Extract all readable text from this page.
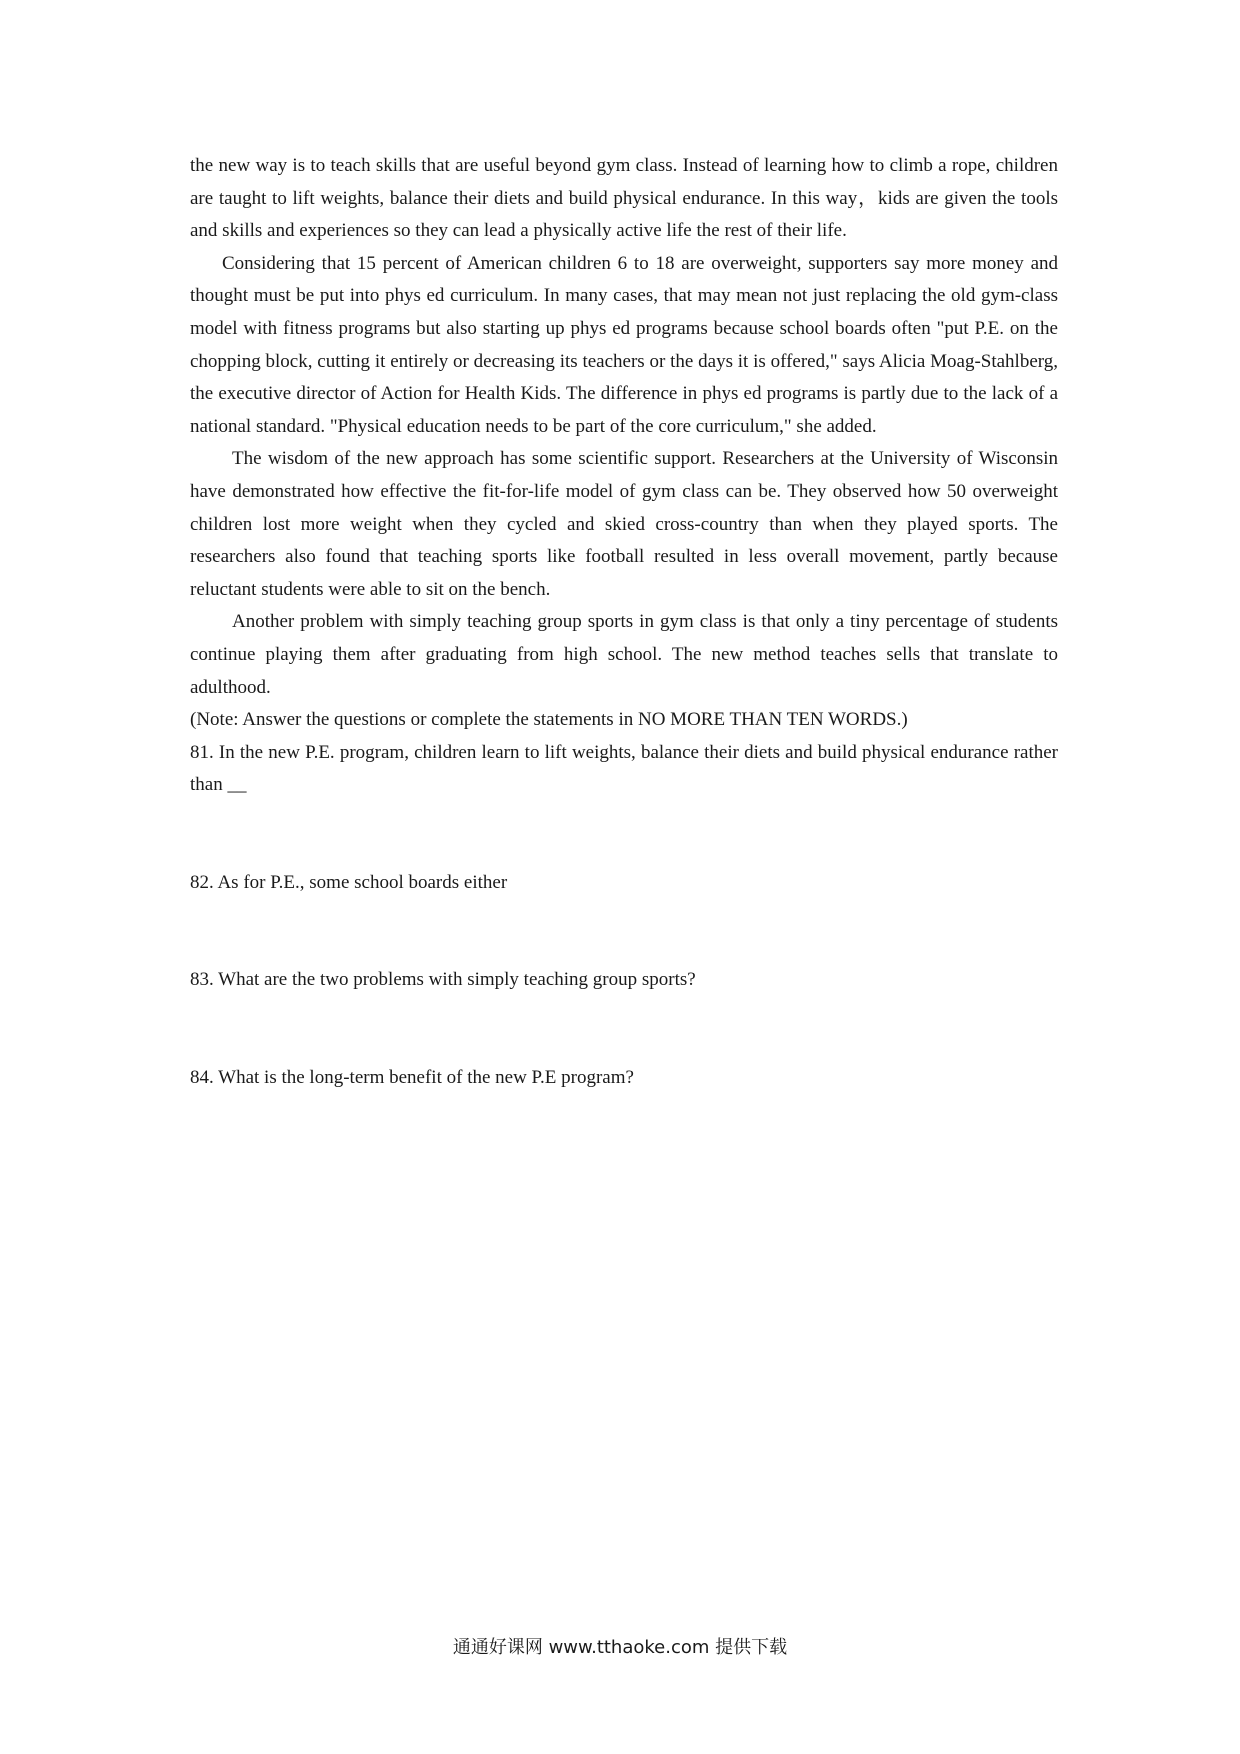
the new way is to teach skills that are useful beyond gym class. Instead of learning how to climb a rope, children are taught to lift weights, balance their diets and build physical endurance. In this way，kids are given the tools and skills and experiences so they can lead a physically active life the rest of their life.

Considering that 15 percent of American children 6 to 18 are overweight, supporters say more money and thought must be put into phys ed curriculum. In many cases, that may mean not just replacing the old gym-class model with fitness programs but also starting up phys ed programs because school boards often "put P.E. on the chopping block, cutting it entirely or decreasing its teachers or the days it is offered," says Alicia Moag-Stahlberg, the executive director of Action for Health Kids. The difference in phys ed programs is partly due to the lack of a national standard. "Physical education needs to be part of the core curriculum," she added.

The wisdom of the new approach has some scientific support. Researchers at the University of Wisconsin have demonstrated how effective the fit-for-life model of gym class can be. They observed how 50 overweight children lost more weight when they cycled and skied cross-country than when they played sports. The researchers also found that teaching sports like football resulted in less overall movement, partly because reluctant students were able to sit on the bench.

Another problem with simply teaching group sports in gym class is that only a tiny percentage of students continue playing them after graduating from high school. The new method teaches sells that translate to adulthood.

(Note: Answer the questions or complete the statements in NO MORE THAN TEN WORDS.)

81. In the new P.E. program, children learn to lift weights, balance their diets and build physical endurance rather than __

82. As for P.E., some school boards either

83. What are the two problems with simply teaching group sports?

84. What is the long-term benefit of the new P.E program?

通通好课网 www.tthaoke.com 提供下载
